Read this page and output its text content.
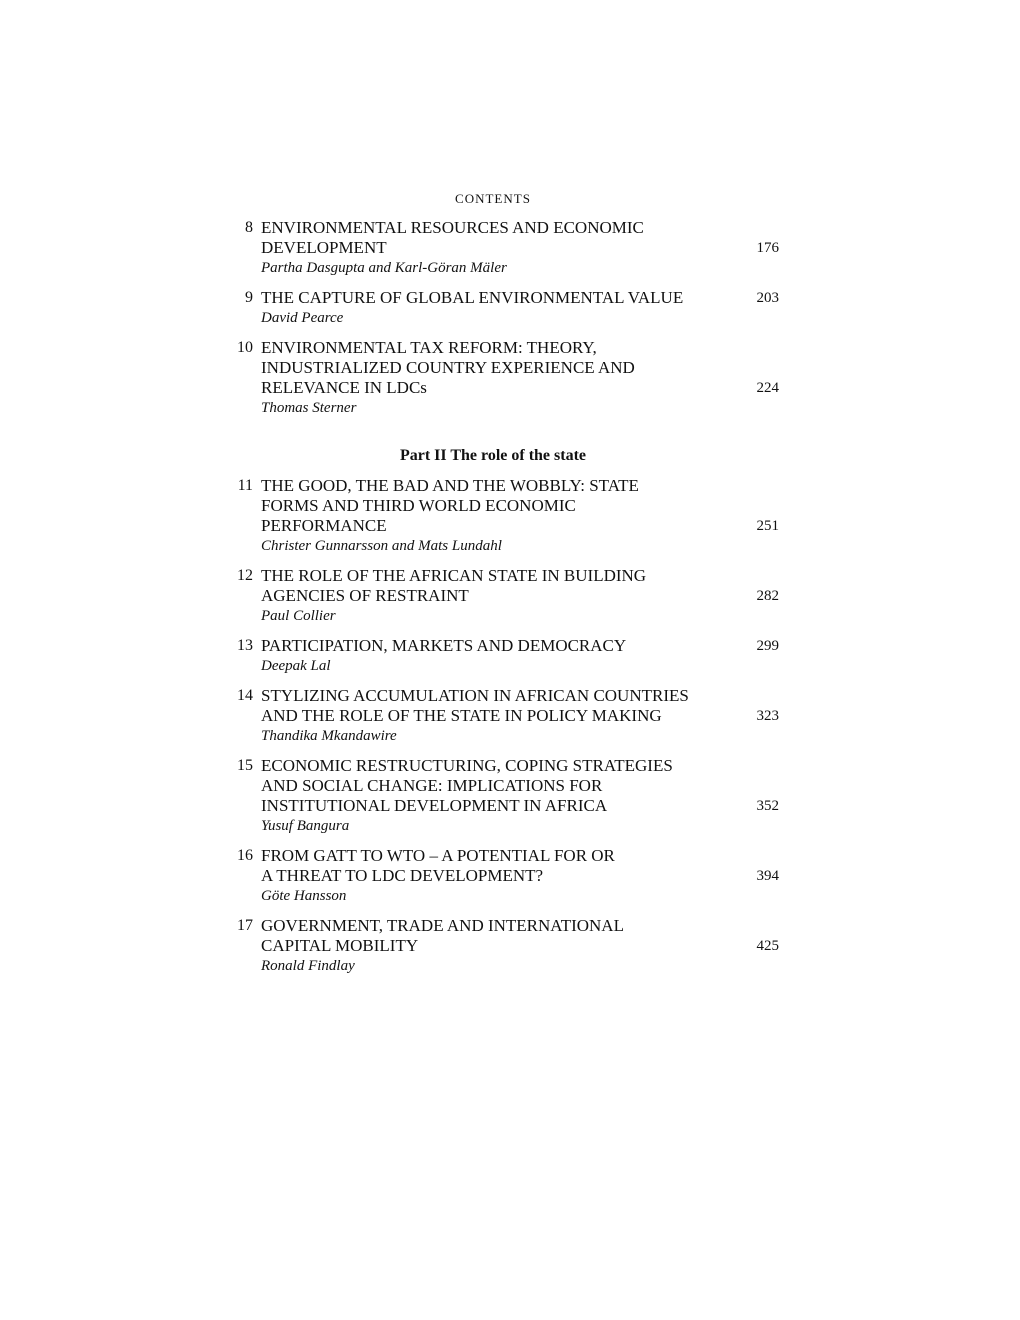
CONTENTS
Part II The role of the state
8 ENVIRONMENTAL RESOURCES AND ECONOMIC
DEVELOPMENT	176
Partha Dasgupta and Karl-Göran Mäler
9 THE CAPTURE OF GLOBAL ENVIRONMENTAL VALUE	203
David Pearce
10 ENVIRONMENTAL TAX REFORM: THEORY,
INDUSTRIALIZED COUNTRY EXPERIENCE AND
RELEVANCE IN LDCs	224
Thomas Sterner
11 THE GOOD, THE BAD AND THE WOBBLY: STATE
FORMS AND THIRD WORLD ECONOMIC
PERFORMANCE	251
Christer Gunnarsson and Mats Lundahl
12 THE ROLE OF THE AFRICAN STATE IN BUILDING
AGENCIES OF RESTRAINT	282
Paul Collier
13 PARTICIPATION, MARKETS AND DEMOCRACY	299
Deepak Lal
14 STYLIZING ACCUMULATION IN AFRICAN COUNTRIES
AND THE ROLE OF THE STATE IN POLICY MAKING	323
Thandika Mkandawire
15 ECONOMIC RESTRUCTURING, COPING STRATEGIES
AND SOCIAL CHANGE: IMPLICATIONS FOR
INSTITUTIONAL DEVELOPMENT IN AFRICA	352
Yusuf Bangura
16 FROM GATT TO WTO – A POTENTIAL FOR OR
A THREAT TO LDC DEVELOPMENT?	394
Göte Hansson
17 GOVERNMENT, TRADE AND INTERNATIONAL
CAPITAL MOBILITY	425
Ronald Findlay
